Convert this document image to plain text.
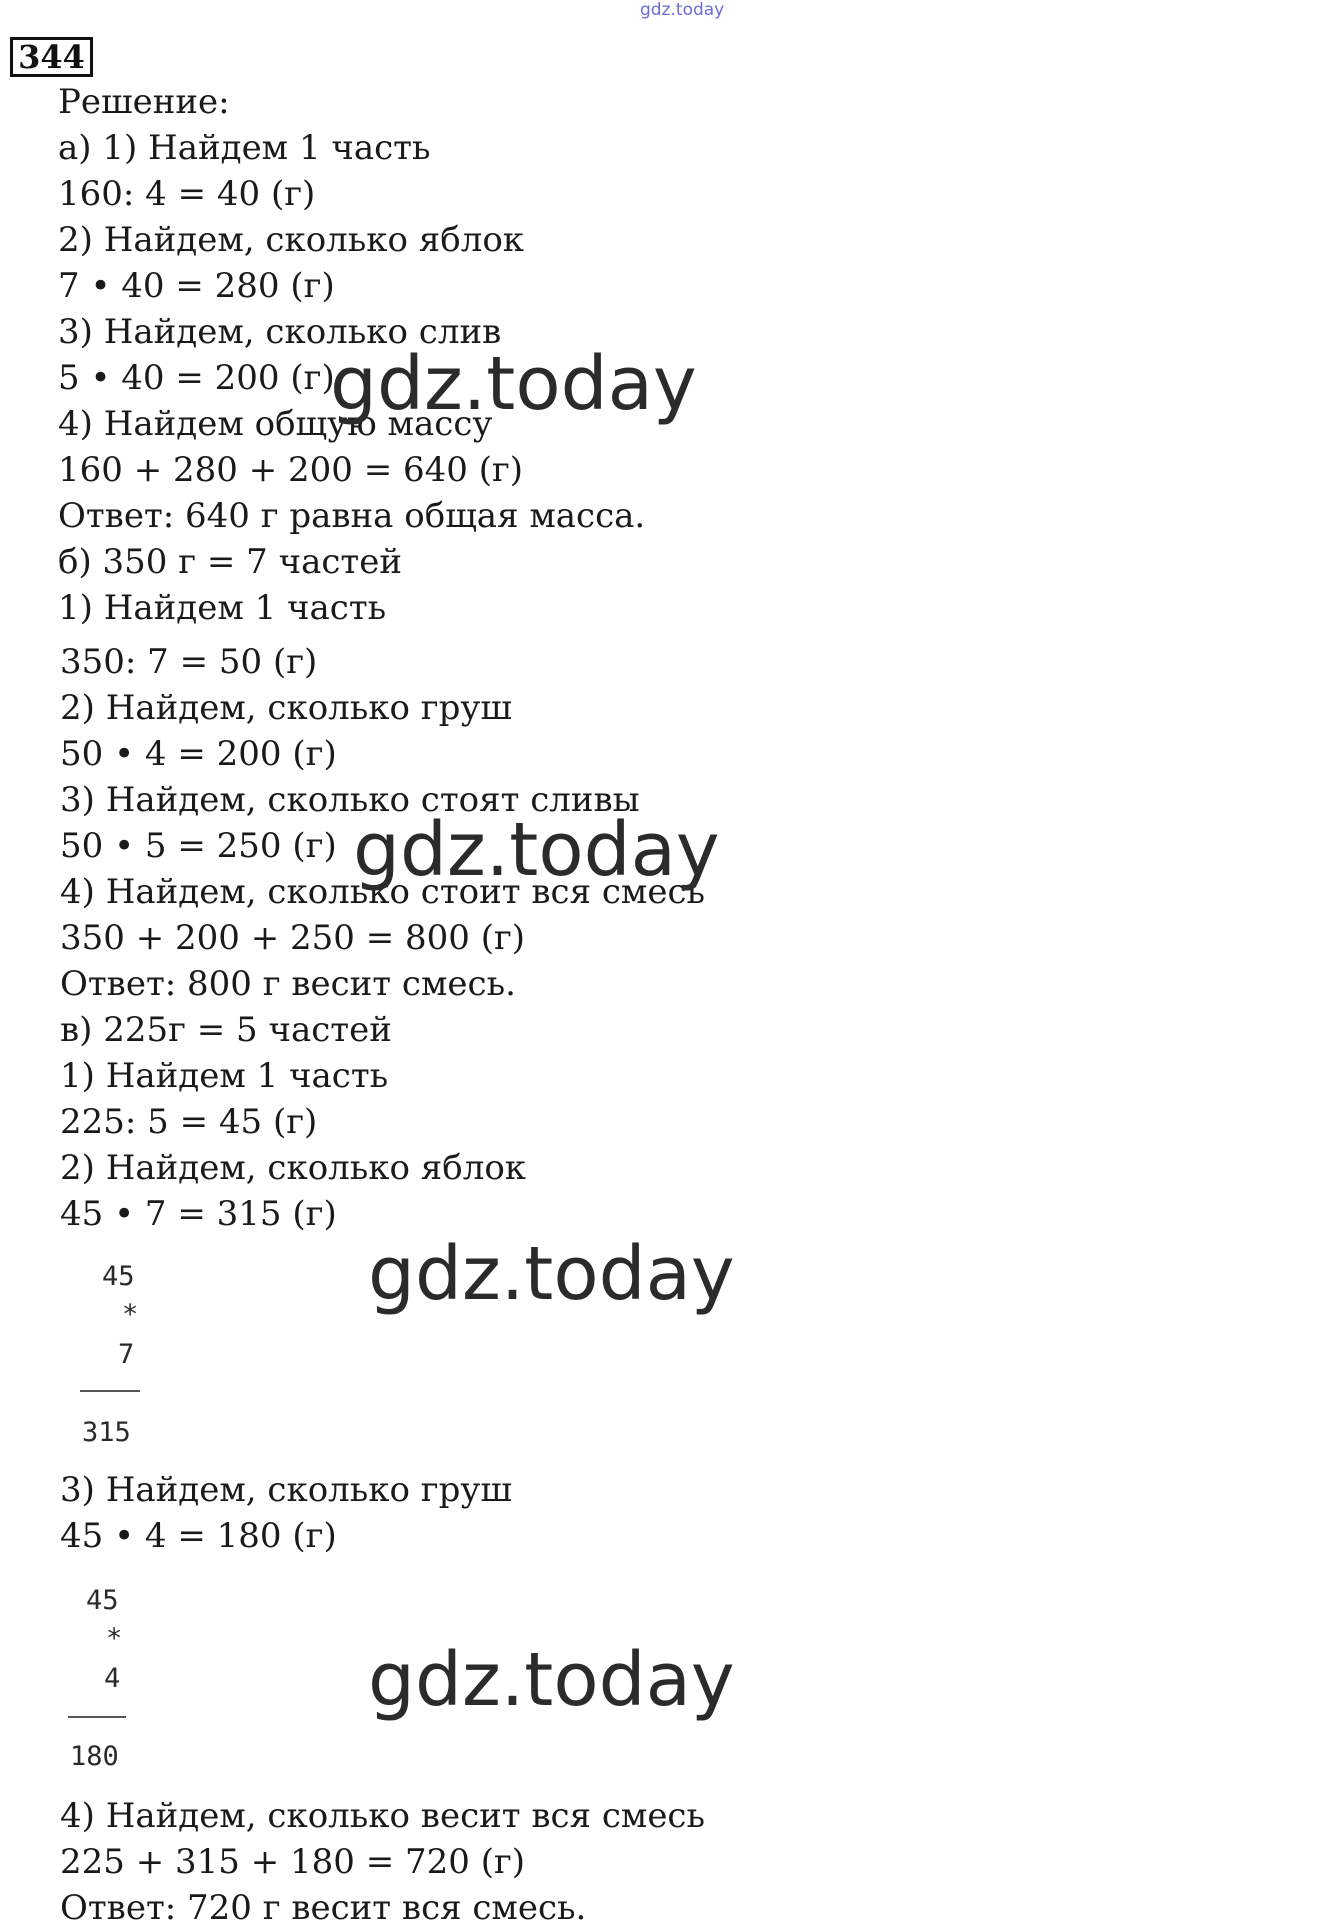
gdz.today
344
Решение:
а) 1) Найдем 1 часть
160: 4 = 40 (г)
2) Найдем, сколько яблок
7 • 40 = 280 (г)
3) Найдем, сколько слив
5 • 40 = 200 (г)
4) Найдем общую массу
160 + 280 + 200 = 640 (г)
Ответ: 640 г равна общая масса.
б) 350 г = 7 частей
1) Найдем 1 часть
350: 7 = 50 (г)
2) Найдем, сколько груш
50 • 4 = 200 (г)
3) Найдем, сколько стоят сливы
50 • 5 = 250 (г)
4) Найдем, сколько стоит вся смесь
350 + 200 + 250 = 800 (г)
Ответ: 800 г весит смесь.
в) 225г = 5 частей
1) Найдем 1 часть
225: 5 = 45 (г)
2) Найдем, сколько яблок
45 • 7 = 315 (г)
45
*
7
315
3) Найдем, сколько груш
45 • 4 = 180 (г)
45
*
4
180
4) Найдем, сколько весит вся смесь
225 + 315 + 180 = 720 (г)
Ответ: 720 г весит вся смесь.
gdz.today
gdz.today
gdz.today
gdz.today
